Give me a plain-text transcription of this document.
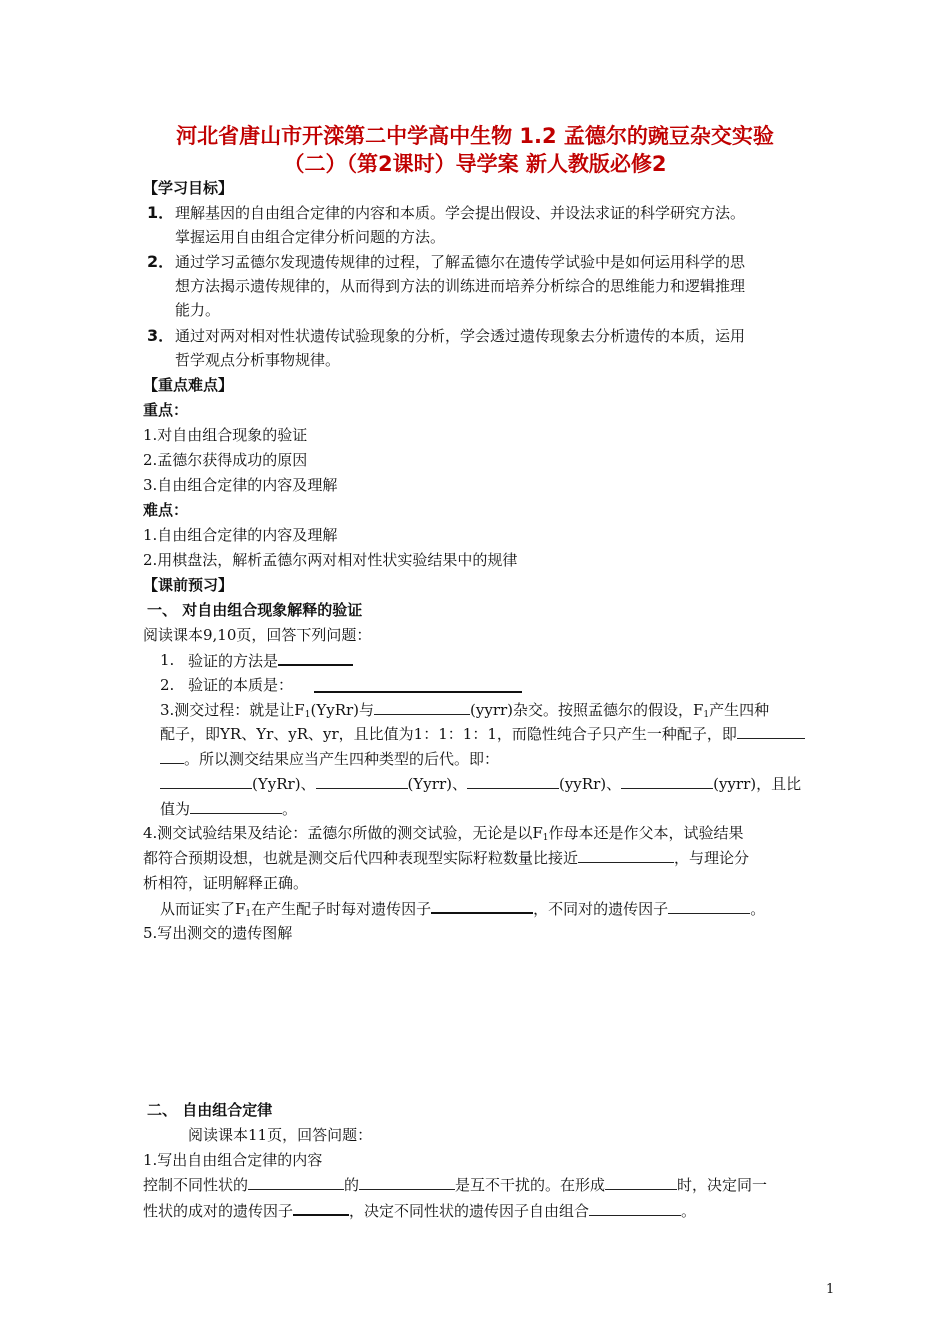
河北省唐山市开滦第二中学高中生物 1.2 孟德尔的豌豆杂交实验
（二）（第2课时）导学案 新人教版必修2
【学习目标】
1． 理解基因的自由组合定律的内容和本质。学会提出假设、并设法求证的科学研究方法。
掌握运用自由组合定律分析问题的方法。
2． 通过学习孟德尔发现遗传规律的过程，了解孟德尔在遗传学试验中是如何运用科学的思
想方法揭示遗传规律的，从而得到方法的训练进而培养分析综合的思维能力和逻辑推理
能力。
3． 通过对两对相对性状遗传试验现象的分析，学会透过遗传现象去分析遗传的本质，运用
哲学观点分析事物规律。
【重点难点】
重点：
1.对自由组合现象的验证
2.孟德尔获得成功的原因
3.自由组合定律的内容及理解
难点：
1.自由组合定律的内容及理解
2.用棋盘法，解析孟德尔两对相对性状实验结果中的规律
【课前预习】
一、 对自由组合现象解释的验证
阅读课本9,10页，回答下列问题：
1. 验证的方法是
2. 验证的本质是：
3.测交过程：就是让$F_1(YyRr)$与	(yyrr)杂交。按照孟德尔的假设，$F_1$产生四种
配子，即YR、Yr、yR、yr，且比值为1：1：1：1，而隐性纯合子只产生一种配子，即
。所以测交结果应当产生四种类型的后代。即：
(YyRr)、	(Yyrr)、	(yyRr)、	(yyrr)，且比
值为	。
4.测交试验结果及结论：孟德尔所做的测交试验，无论是以$F_1$作母本还是作父本，试验结果
都符合预期设想，也就是测交后代四种表现型实际籽粒数量比接近	，与理论分
析相符，证明解释正确。
从而证实了$F_1$在产生配子时每对遗传因子	，不同对的遗传因子	。
5.写出测交的遗传图解
二、 自由组合定律
阅读课本11页，回答问题：
1.写出自由组合定律的内容
控制不同性状的	的	是互不干扰的。在形成	时，决定同一
性状的成对的遗传因子	，决定不同性状的遗传因子自由组合	。
1
